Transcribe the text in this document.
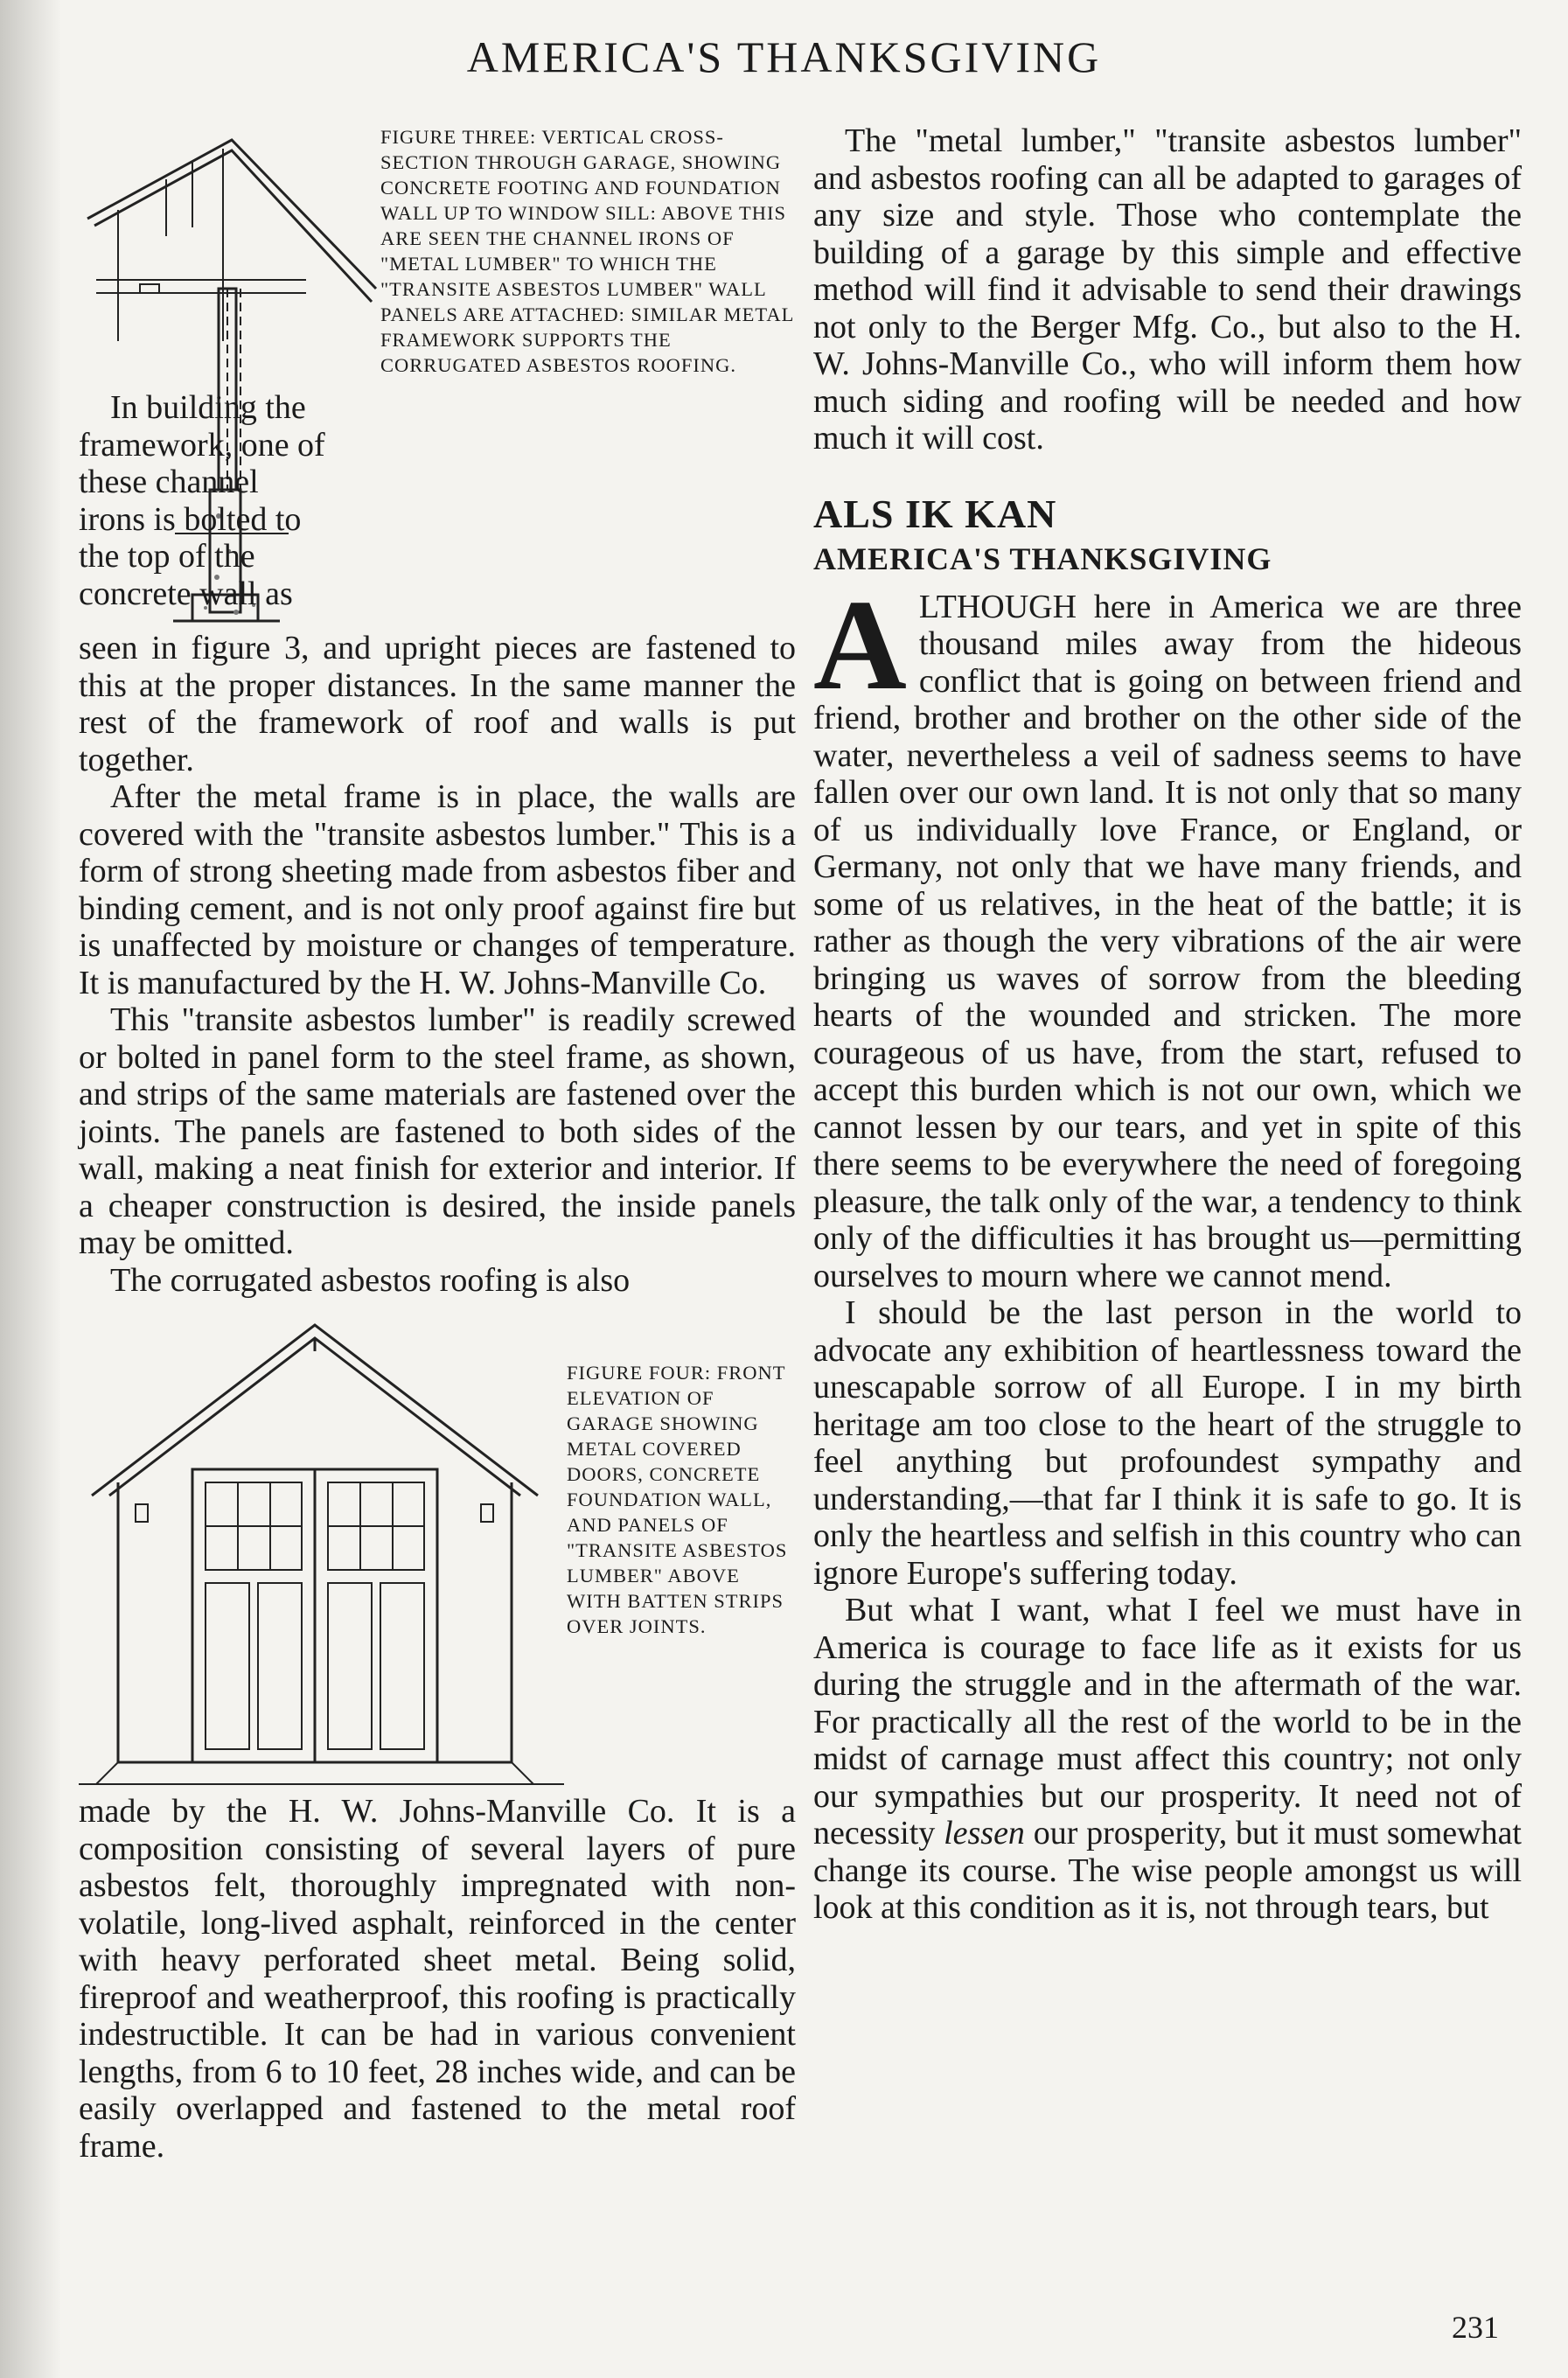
AMERICA'S THANKSGIVING
FIGURE THREE: VERTICAL CROSS-SECTION THROUGH GARAGE, SHOWING CONCRETE FOOTING AND FOUNDATION WALL UP TO WINDOW SILL: ABOVE THIS ARE SEEN THE CHANNEL IRONS OF "METAL LUMBER" TO WHICH THE "TRANSITE ASBESTOS LUMBER" WALL PANELS ARE ATTACHED: SIMILAR METAL FRAMEWORK SUPPORTS THE CORRUGATED ASBESTOS ROOFING.

In building the framework, one of these channel irons is bolted to the top of the concrete wall as

seen in figure 3, and upright pieces are fastened to this at the proper distances. In the same manner the rest of the framework of roof and walls is put together.

After the metal frame is in place, the walls are covered with the "transite asbestos lumber." This is a form of strong sheeting made from asbestos fiber and binding cement, and is not only proof against fire but is unaffected by moisture or changes of temperature. It is manufactured by the H. W. Johns-Manville Co.

This "transite asbestos lumber" is readily screwed or bolted in panel form to the steel frame, as shown, and strips of the same materials are fastened over the joints. The panels are fastened to both sides of the wall, making a neat finish for exterior and interior. If a cheaper construction is desired, the inside panels may be omitted.

The corrugated asbestos roofing is also

FIGURE FOUR: FRONT ELEVATION OF GARAGE SHOWING METAL COVERED DOORS, CONCRETE FOUNDATION WALL, AND PANELS OF "TRANSITE ASBESTOS LUMBER" ABOVE WITH BATTEN STRIPS OVER JOINTS.

made by the H. W. Johns-Manville Co. It is a composition consisting of several layers of pure asbestos felt, thoroughly impregnated with non-volatile, long-lived asphalt, reinforced in the center with heavy perforated sheet metal. Being solid, fireproof and weatherproof, this roofing is practically indestructible. It can be had in various convenient lengths, from 6 to 10 feet, 28 inches wide, and can be easily overlapped and fastened to the metal roof frame.

The "metal lumber," "transite asbestos lumber" and asbestos roofing can all be adapted to garages of any size and style. Those who contemplate the building of a garage by this simple and effective method will find it advisable to send their drawings not only to the Berger Mfg. Co., but also to the H. W. Johns-Manville Co., who will inform them how much siding and roofing will be needed and how much it will cost.

ALS IK KAN
AMERICA'S THANKSGIVING

ALTHOUGH here in America we are three thousand miles away from the hideous conflict that is going on between friend and friend, brother and brother on the other side of the water, nevertheless a veil of sadness seems to have fallen over our own land. It is not only that so many of us individually love France, or England, or Germany, not only that we have many friends, and some of us relatives, in the heat of the battle; it is rather as though the very vibrations of the air were bringing us waves of sorrow from the bleeding hearts of the wounded and stricken. The more courageous of us have, from the start, refused to accept this burden which is not our own, which we cannot lessen by our tears, and yet in spite of this there seems to be everywhere the need of foregoing pleasure, the talk only of the war, a tendency to think only of the difficulties it has brought us—permitting ourselves to mourn where we cannot mend.

I should be the last person in the world to advocate any exhibition of heartlessness toward the unescapable sorrow of all Europe. I in my birth heritage am too close to the heart of the struggle to feel anything but profoundest sympathy and understanding,—that far I think it is safe to go. It is only the heartless and selfish in this country who can ignore Europe's suffering today.

But what I want, what I feel we must have in America is courage to face life as it exists for us during the struggle and in the aftermath of the war. For practically all the rest of the world to be in the midst of carnage must affect this country; not only our sympathies but our prosperity. It need not of necessity lessen our prosperity, but it must somewhat change its course. The wise people amongst us will look at this condition as it is, not through tears, but

231
